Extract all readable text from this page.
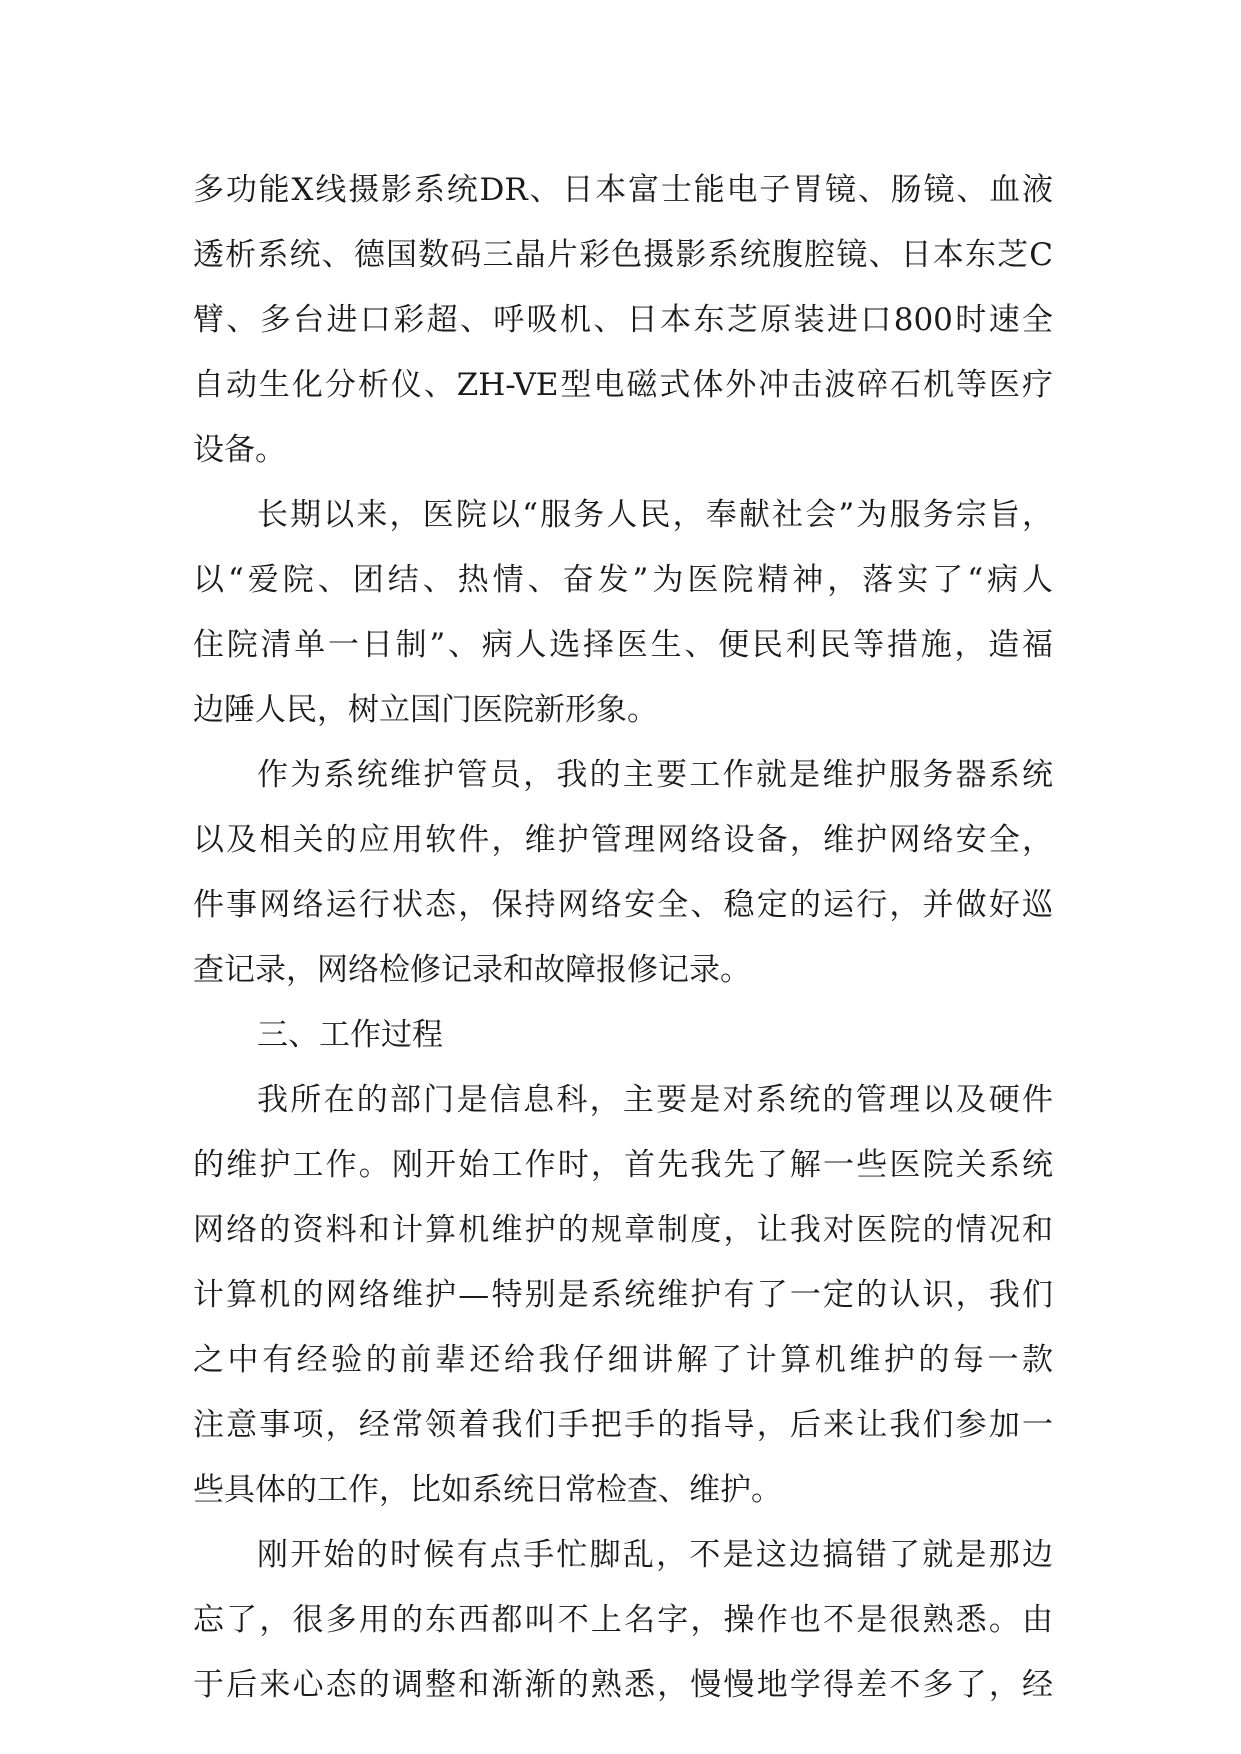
多功能X线摄影系统DR、日本富士能电子胃镜、肠镜、血液
透析系统、德国数码三晶片彩色摄影系统腹腔镜、日本东芝C
臂、多台进口彩超、呼吸机、日本东芝原装进口800时速全
自动生化分析仪、ZH-VE型电磁式体外冲击波碎石机等医疗
设备。
长期以来，医院以“服务人民，奉献社会”为服务宗旨，
以“爱院、团结、热情、奋发”为医院精神，落实了“病人
住院清单一日制”、病人选择医生、便民利民等措施，造福
边陲人民，树立国门医院新形象。
作为系统维护管员，我的主要工作就是维护服务器系统
以及相关的应用软件，维护管理网络设备，维护网络安全，
件事网络运行状态，保持网络安全、稳定的运行，并做好巡
查记录，网络检修记录和故障报修记录。
三、工作过程
我所在的部门是信息科，主要是对系统的管理以及硬件
的维护工作。刚开始工作时，首先我先了解一些医院关系统
网络的资料和计算机维护的规章制度，让我对医院的情况和
计算机的网络维护—特别是系统维护有了一定的认识，我们
之中有经验的前辈还给我仔细讲解了计算机维护的每一款
注意事项，经常领着我们手把手的指导，后来让我们参加一
些具体的工作，比如系统日常检查、维护。
刚开始的时候有点手忙脚乱，不是这边搞错了就是那边
忘了，很多用的东西都叫不上名字，操作也不是很熟悉。由
于后来心态的调整和渐渐的熟悉，慢慢地学得差不多了，经
